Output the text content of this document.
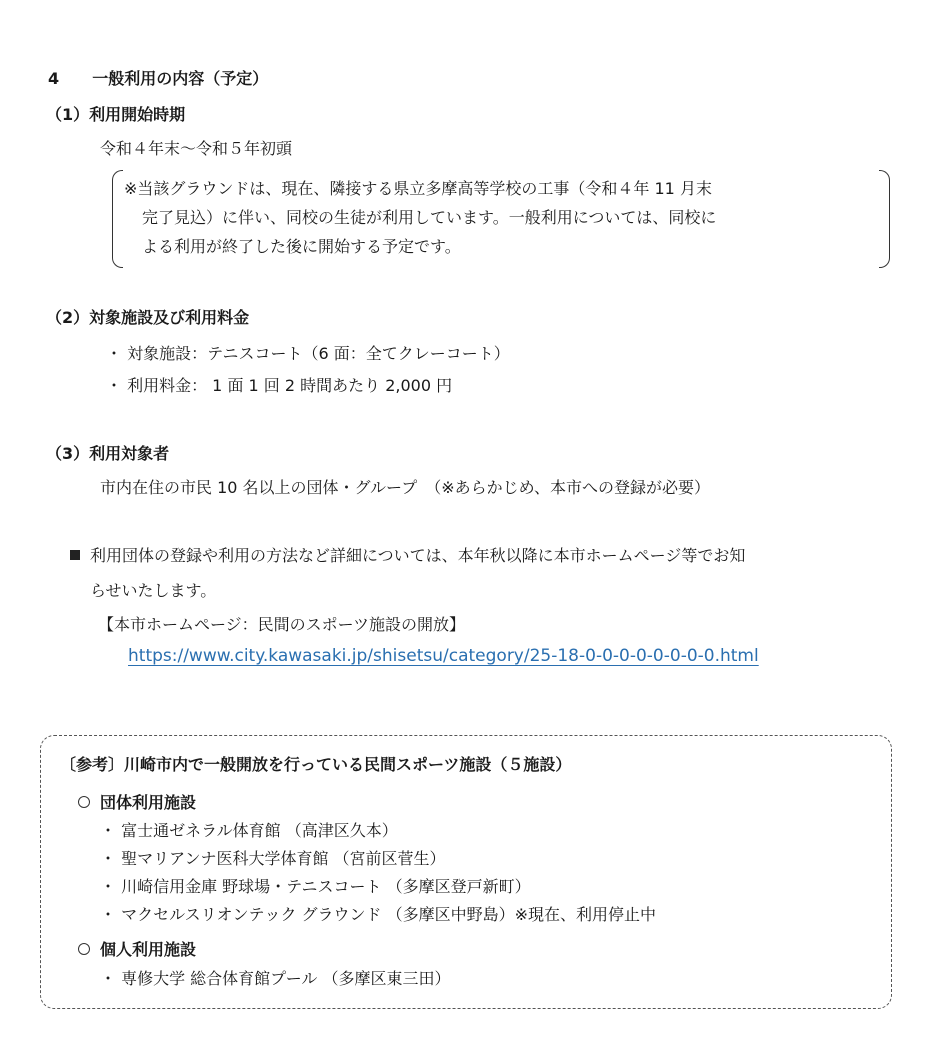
4 一般利用の内容（予定）
（1）利用開始時期
令和４年末～令和５年初頭
※当該グラウンドは、現在、隣接する県立多摩高等学校の工事（令和４年 11 月末
完了見込）に伴い、同校の生徒が利用しています。一般利用については、同校に
よる利用が終了した後に開始する予定です。
（2）対象施設及び利用料金
・ 対象施設：テニスコート（6 面：全てクレーコート）
・ 利用料金： 1 面 1 回 2 時間あたり 2,000 円
（3）利用対象者
市内在住の市民 10 名以上の団体・グループ　（※あらかじめ、本市への登録が必要）
利用団体の登録や利用の方法など詳細については、本年秋以降に本市ホームページ等でお知
らせいたします。
【本市ホームページ：民間のスポーツ施設の開放】
https://www.city.kawasaki.jp/shisetsu/category/25-18-0-0-0-0-0-0-0-0.html
〔参考〕川崎市内で一般開放を行っている民間スポーツ施設（５施設）
団体利用施設
・ 富士通ゼネラル体育館 （高津区久本）
・ 聖マリアンナ医科大学体育館 （宮前区菅生）
・ 川崎信用金庫 野球場・テニスコート （多摩区登戸新町）
・ マクセルスリオンテック グラウンド （多摩区中野島）※現在、利用停止中
個人利用施設
・ 専修大学 総合体育館プール （多摩区東三田）
